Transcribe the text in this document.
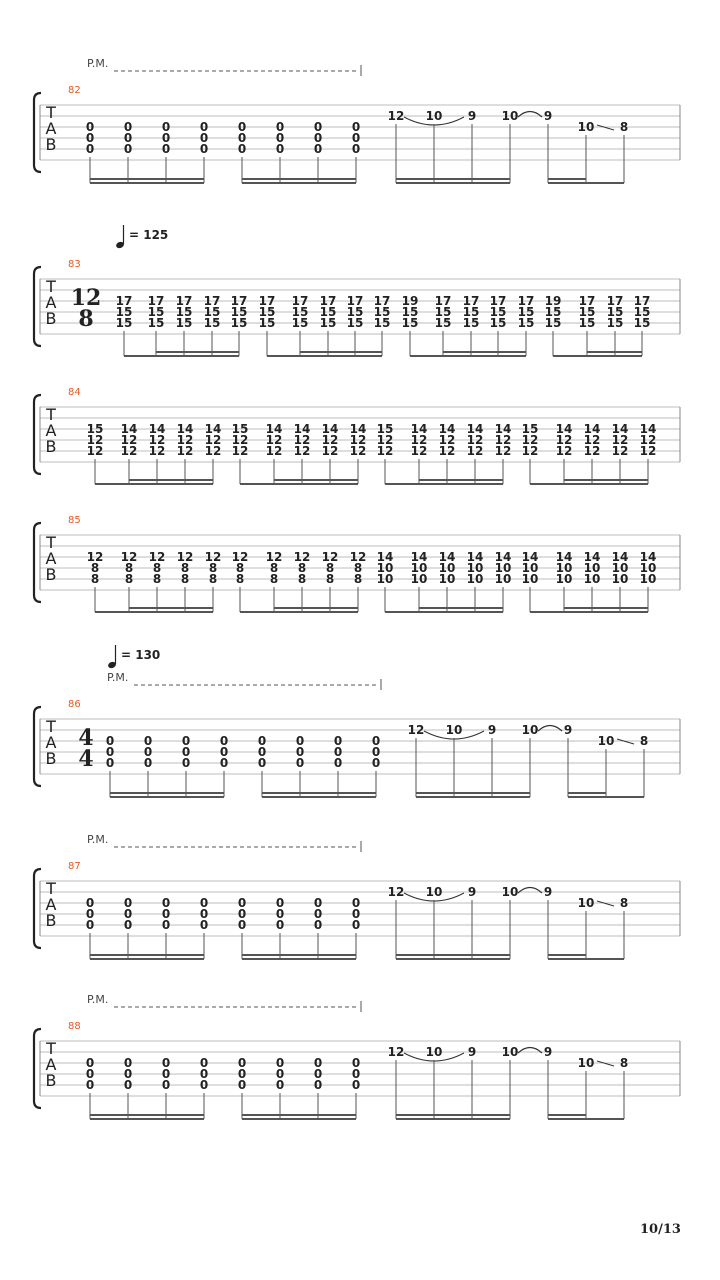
T
A
B
82
P.M.
0
0
0
0
0
0
0
0
0
0
0
0
0
0
0
0
0
0
0
0
0
0
0
0
12 10 9 10 9
10 8
T
A
B
83
= 125
12
8
17
15
15
17
15
15
17
15
15
17
15
15
17
15
15
17
15
15
17
15
15
17
15
15
17
15
15
17
15
15
19
15
15
17
15
15
17
15
15
17
15
15
17
15
15
19
15
15
17
15
15
17
15
15
17
15
15
T
A
B
84
15
12
12
14
12
12
14
12
12
14
12
12
14
12
12
15
12
12
14
12
12
14
12
12
14
12
12
14
12
12
15
12
12
14
12
12
14
12
12
14
12
12
14
12
12
15
12
12
14
12
12
14
12
12
14
12
12
14
12
12
T
A
B
85
12
8
8
12
8
8
12
8
8
12
8
8
12
8
8
12
8
8
12
8
8
12
8
8
12
8
8
12
8
8
14
10
10
14
10
10
14
10
10
14
10
10
14
10
10
14
10
10
14
10
10
14
10
10
14
10
10
14
10
10
T
A
B
86
P.M.
= 130
4
4
0
0
0
0
0
0
0
0
0
0
0
0
0
0
0
0
0
0
0
0
0
0
0
0
12 10 9 10 9
10 8
T
A
B
87
P.M.
0
0
0
0
0
0
0
0
0
0
0
0
0
0
0
0
0
0
0
0
0
0
0
0
12 10 9 10 9
10 8
T
A
B
88
P.M.
0
0
0
0
0
0
0
0
0
0
0
0
0
0
0
0
0
0
0
0
0
0
0
0
12 10 9 10 9
10 8
10/13
